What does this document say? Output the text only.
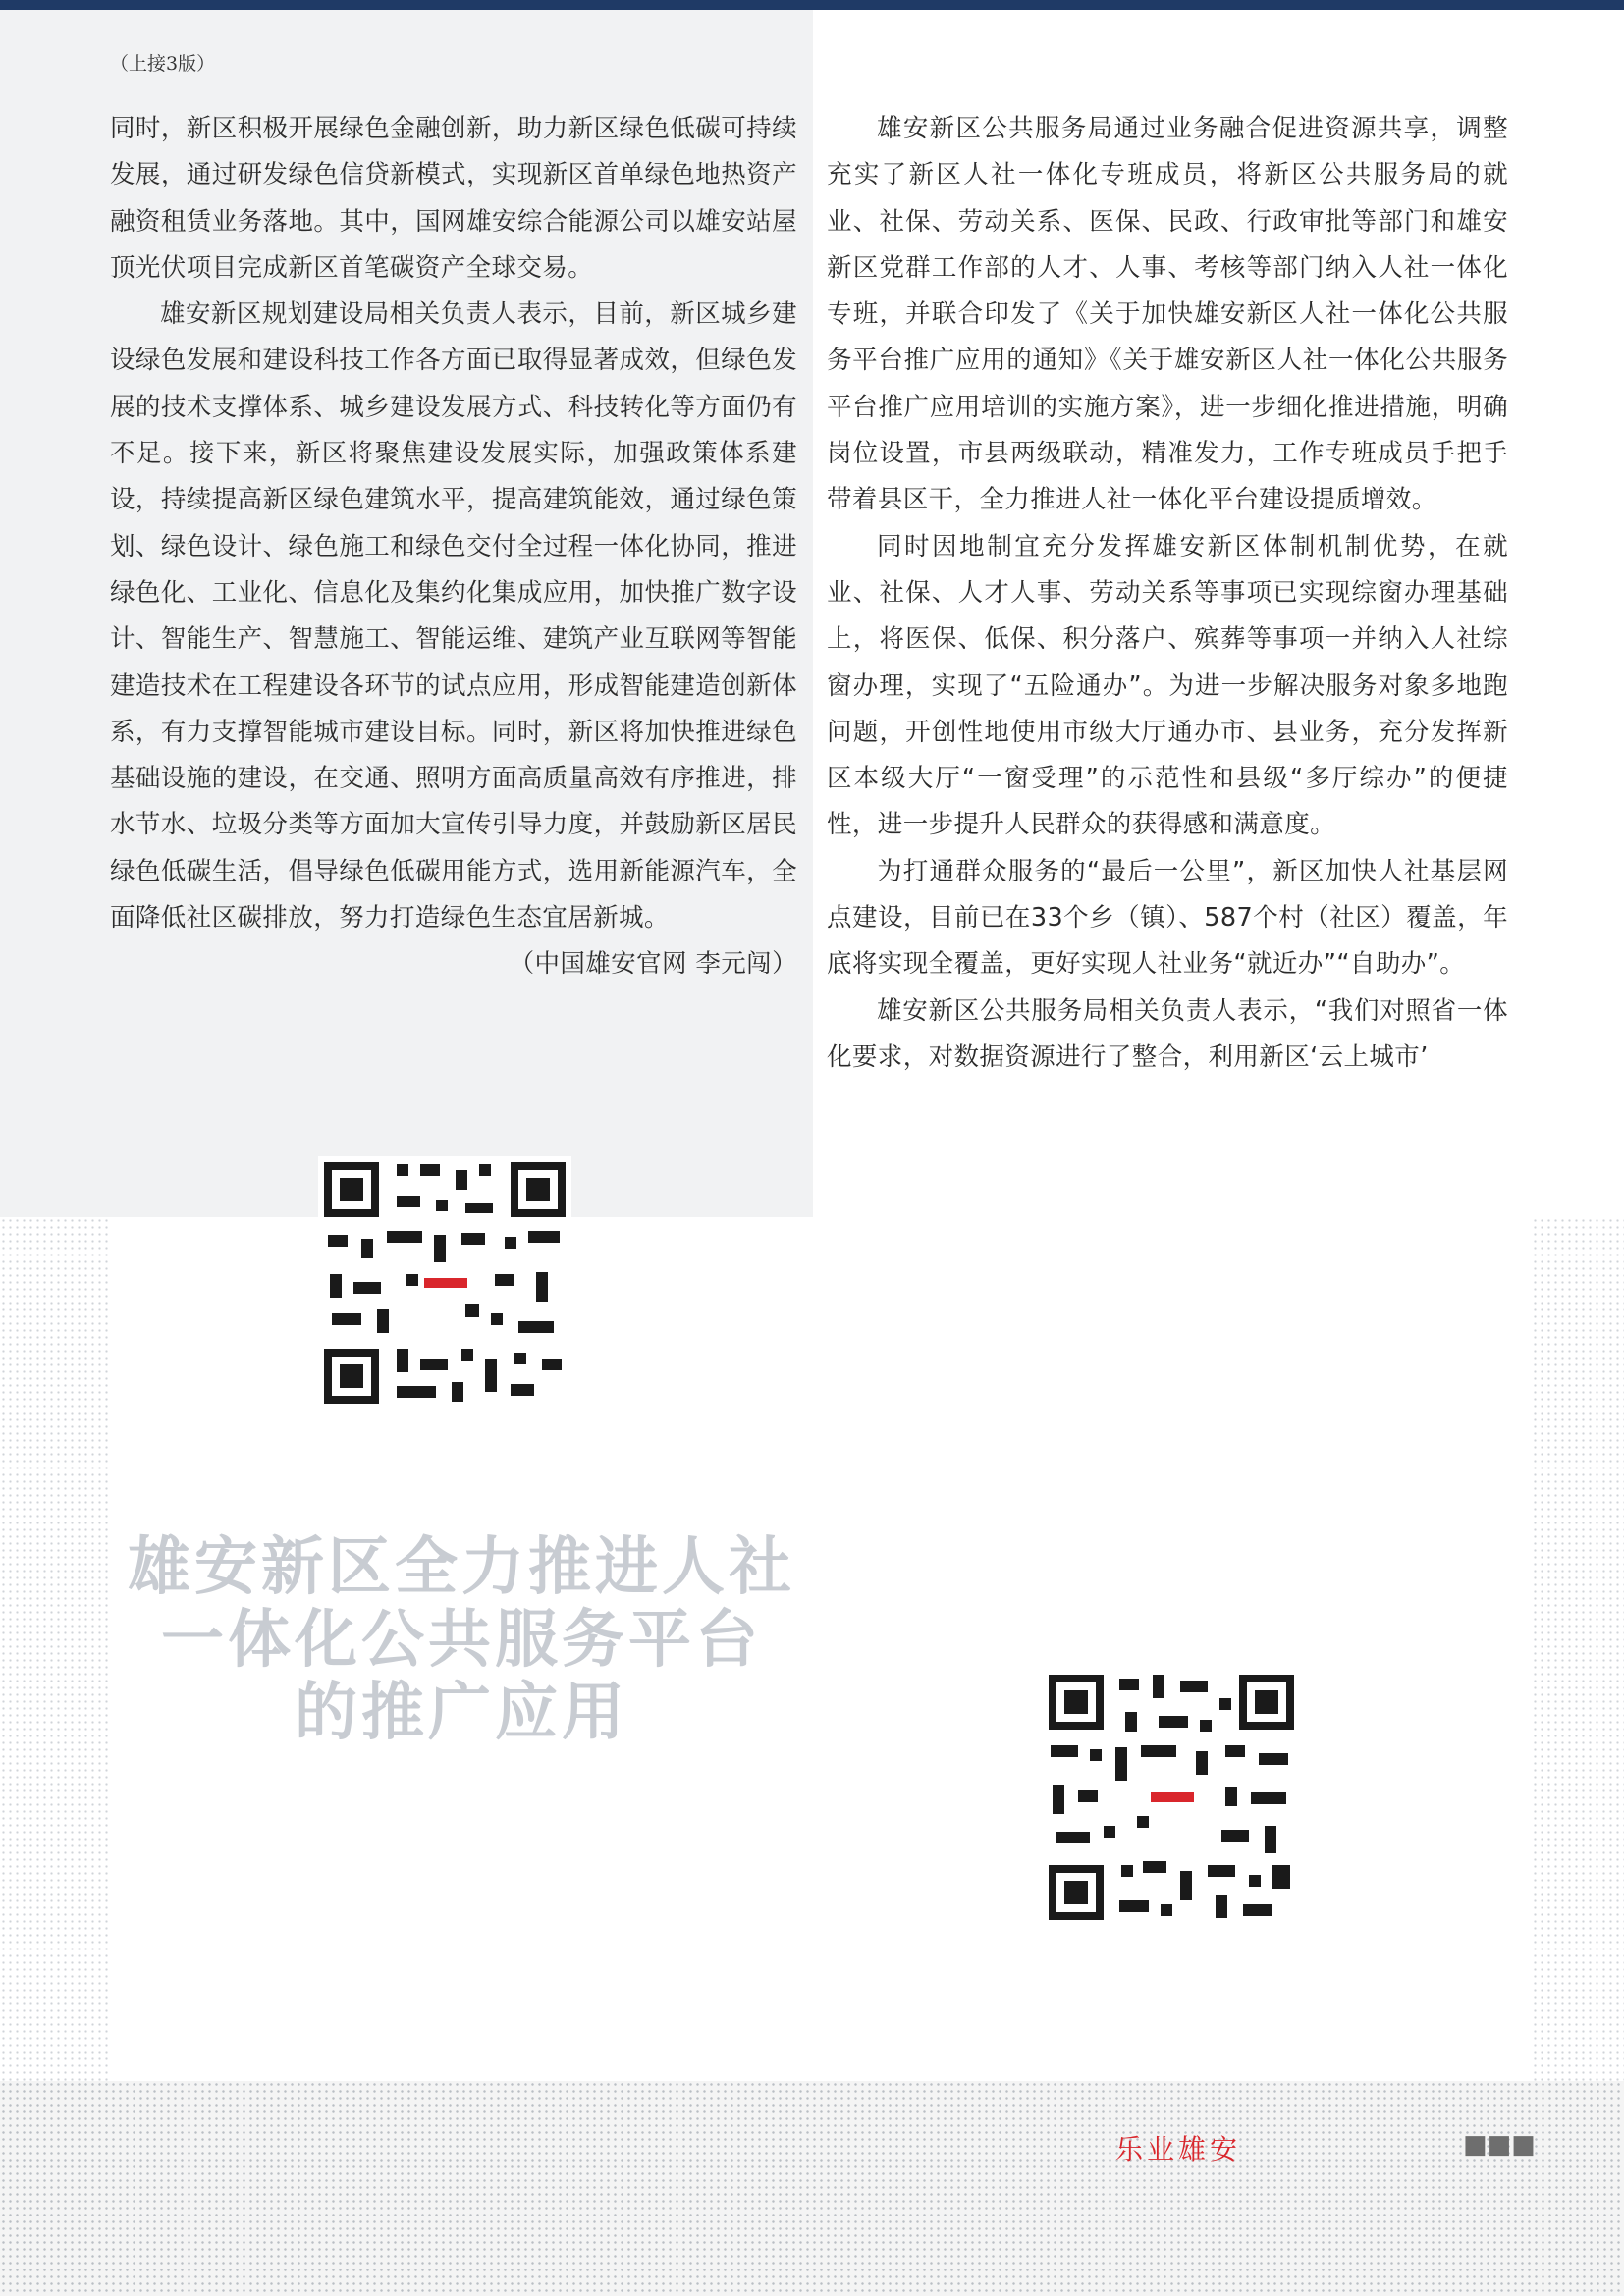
（上接3版）

同时，新区积极开展绿色金融创新，助力新区绿色低碳可持续发展，通过研发绿色信贷新模式，实现新区首单绿色地热资产融资租赁业务落地。其中，国网雄安综合能源公司以雄安站屋顶光伏项目完成新区首笔碳资产全球交易。

雄安新区规划建设局相关负责人表示，目前，新区城乡建设绿色发展和建设科技工作各方面已取得显著成效，但绿色发展的技术支撑体系、城乡建设发展方式、科技转化等方面仍有不足。接下来，新区将聚焦建设发展实际，加强政策体系建设，持续提高新区绿色建筑水平，提高建筑能效，通过绿色策划、绿色设计、绿色施工和绿色交付全过程一体化协同，推进绿色化、工业化、信息化及集约化集成应用，加快推广数字设计、智能生产、智慧施工、智能运维、建筑产业互联网等智能建造技术在工程建设各环节的试点应用，形成智能建造创新体系，有力支撑智能城市建设目标。同时，新区将加快推进绿色基础设施的建设，在交通、照明方面高质量高效有序推进，排水节水、垃圾分类等方面加大宣传引导力度，并鼓励新区居民绿色低碳生活，倡导绿色低碳用能方式，选用新能源汽车，全面降低社区碳排放，努力打造绿色生态宜居新城。

（中国雄安官网 李元闯）

雄安新区公共服务局通过业务融合促进资源共享，调整充实了新区人社一体化专班成员，将新区公共服务局的就业、社保、劳动关系、医保、民政、行政审批等部门和雄安新区党群工作部的人才、人事、考核等部门纳入人社一体化专班，并联合印发了《关于加快雄安新区人社一体化公共服务平台推广应用的通知》《关于雄安新区人社一体化公共服务平台推广应用培训的实施方案》，进一步细化推进措施，明确岗位设置，市县两级联动，精准发力，工作专班成员手把手带着县区干，全力推进人社一体化平台建设提质增效。

同时因地制宜充分发挥雄安新区体制机制优势，在就业、社保、人才人事、劳动关系等事项已实现综窗办理基础上，将医保、低保、积分落户、殡葬等事项一并纳入人社综窗办理，实现了“五险通办”。为进一步解决服务对象多地跑问题，开创性地使用市级大厅通办市、县业务，充分发挥新区本级大厅“一窗受理”的示范性和县级“多厅综办”的便捷性，进一步提升人民群众的获得感和满意度。

为打通群众服务的“最后一公里”，新区加快人社基层网点建设，目前已在33个乡（镇）、587个村（社区）覆盖，年底将实现全覆盖，更好实现人社业务“就近办”“自助办”。

雄安新区公共服务局相关负责人表示，“我们对照省一体化要求，对数据资源进行了整合，利用新区‘云上城市’

雄安新区全力推进人社
一体化公共服务平台
的推广应用
乐业雄安	■■■
